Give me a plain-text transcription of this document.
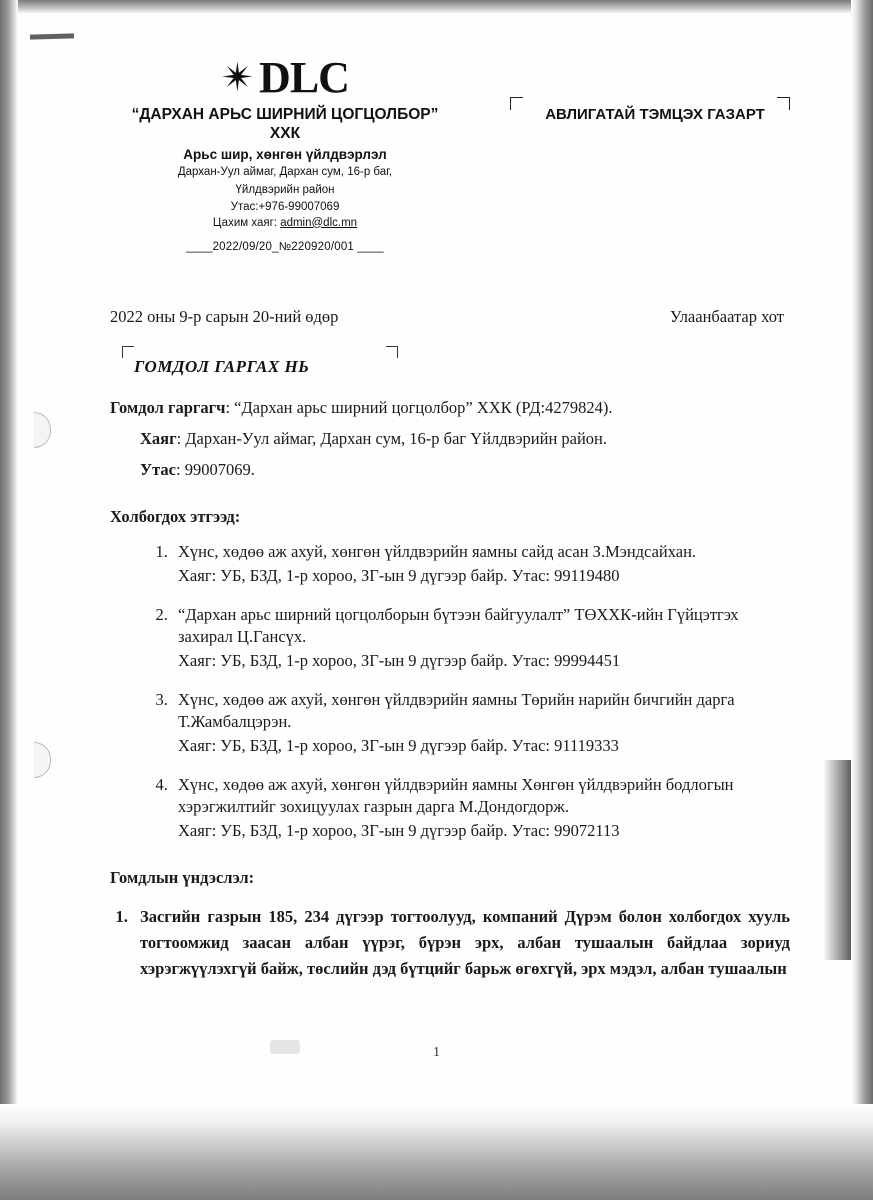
✴ DLC
“ДАРХАН АРЬС ШИРНИЙ ЦОГЦОЛБОР” ХХК
Арьс шир, хөнгөн үйлдвэрлэл
Дархан-Уул аймаг, Дархан сум, 16-р баг,
Үйлдвэрийн район
Утас:+976-99007069
Цахим хаяг: admin@dlc.mn
____2022/09/20_№220920/001 ____
АВЛИГАТАЙ ТЭМЦЭХ ГАЗАРТ
2022 оны 9-р сарын 20-ний өдөр	Улаанбаатар хот
ГОМДОЛ ГАРГАХ НЬ
Гомдол гаргагч: “Дархан арьс ширний цогцолбор” ХХК (РД:4279824).
Хаяг: Дархан-Уул аймаг, Дархан сум, 16-р баг Үйлдвэрийн район.
Утас: 99007069.
Холбогдох этгээд:
1. Хүнс, хөдөө аж ахуй, хөнгөн үйлдвэрийн яамны сайд асан З.Мэндсайхан.
Хаяг: УБ, БЗД, 1-р хороо, ЗГ-ын 9 дүгээр байр. Утас: 99119480
2. “Дархан арьс ширний цогцолборын бүтээн байгуулалт” ТӨХХК-ийн Гүйцэтгэх захирал Ц.Гансүх.
Хаяг: УБ, БЗД, 1-р хороо, ЗГ-ын 9 дүгээр байр. Утас: 99994451
3. Хүнс, хөдөө аж ахуй, хөнгөн үйлдвэрийн яамны Төрийн нарийн бичгийн дарга Т.Жамбалцэрэн.
Хаяг: УБ, БЗД, 1-р хороо, ЗГ-ын 9 дүгээр байр. Утас: 91119333
4. Хүнс, хөдөө аж ахуй, хөнгөн үйлдвэрийн яамны Хөнгөн үйлдвэрийн бодлогын хэрэгжилтийг зохицуулах газрын дарга М.Дондогдорж.
Хаяг: УБ, БЗД, 1-р хороо, ЗГ-ын 9 дүгээр байр. Утас: 99072113
Гомдлын үндэслэл:
1. Засгийн газрын 185, 234 дүгээр тогтоолууд, компаний Дүрэм болон холбогдох хууль тогтоомжид заасан албан үүрэг, бүрэн эрх, албан тушаалын байдлаа зориуд хэрэгжүүлэхгүй байж, төслийн дэд бүтцийг барьж өгөхгүй, эрх мэдэл, албан тушаалын
1
